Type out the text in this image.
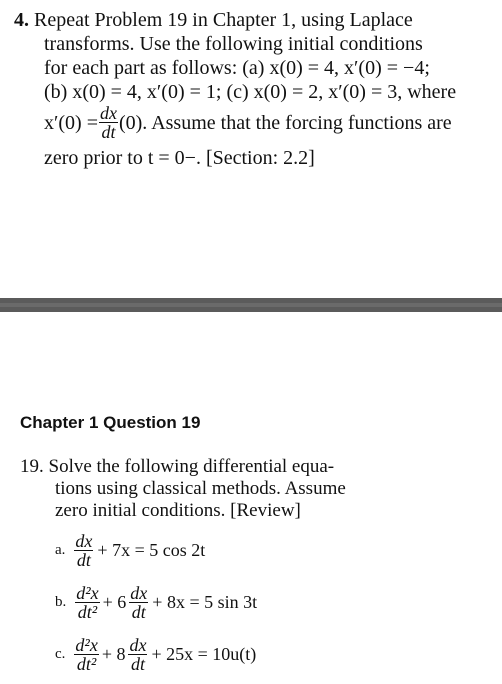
4. Repeat Problem 19 in Chapter 1, using Laplace
transforms. Use the following initial conditions
for each part as follows: (a) x(0) = 4, x′(0) = −4;
(b) x(0) = 4, x′(0) = 1; (c) x(0) = 2, x′(0) = 3, where
$x'(0) = \frac{dx}{dt} (0)$. Assume that the forcing functions are
zero prior to t = 0−. [Section: 2.2]
Chapter 1 Question 19
19. Solve the following differential equa-
tions using classical methods. Assume
zero initial conditions. [Review]
a. $\frac{dx}{dt} + 7x = 5$ cos 2t
b. $\frac{\text{d²x}}{\text{dt²}} + 6 \frac{dx}{dt} + 8x = 5$ sin 3t
c. $\frac{\text{d²x}}{\text{dt²}} + 8 \frac{dx}{dt} + 25x = 10u(t)$
